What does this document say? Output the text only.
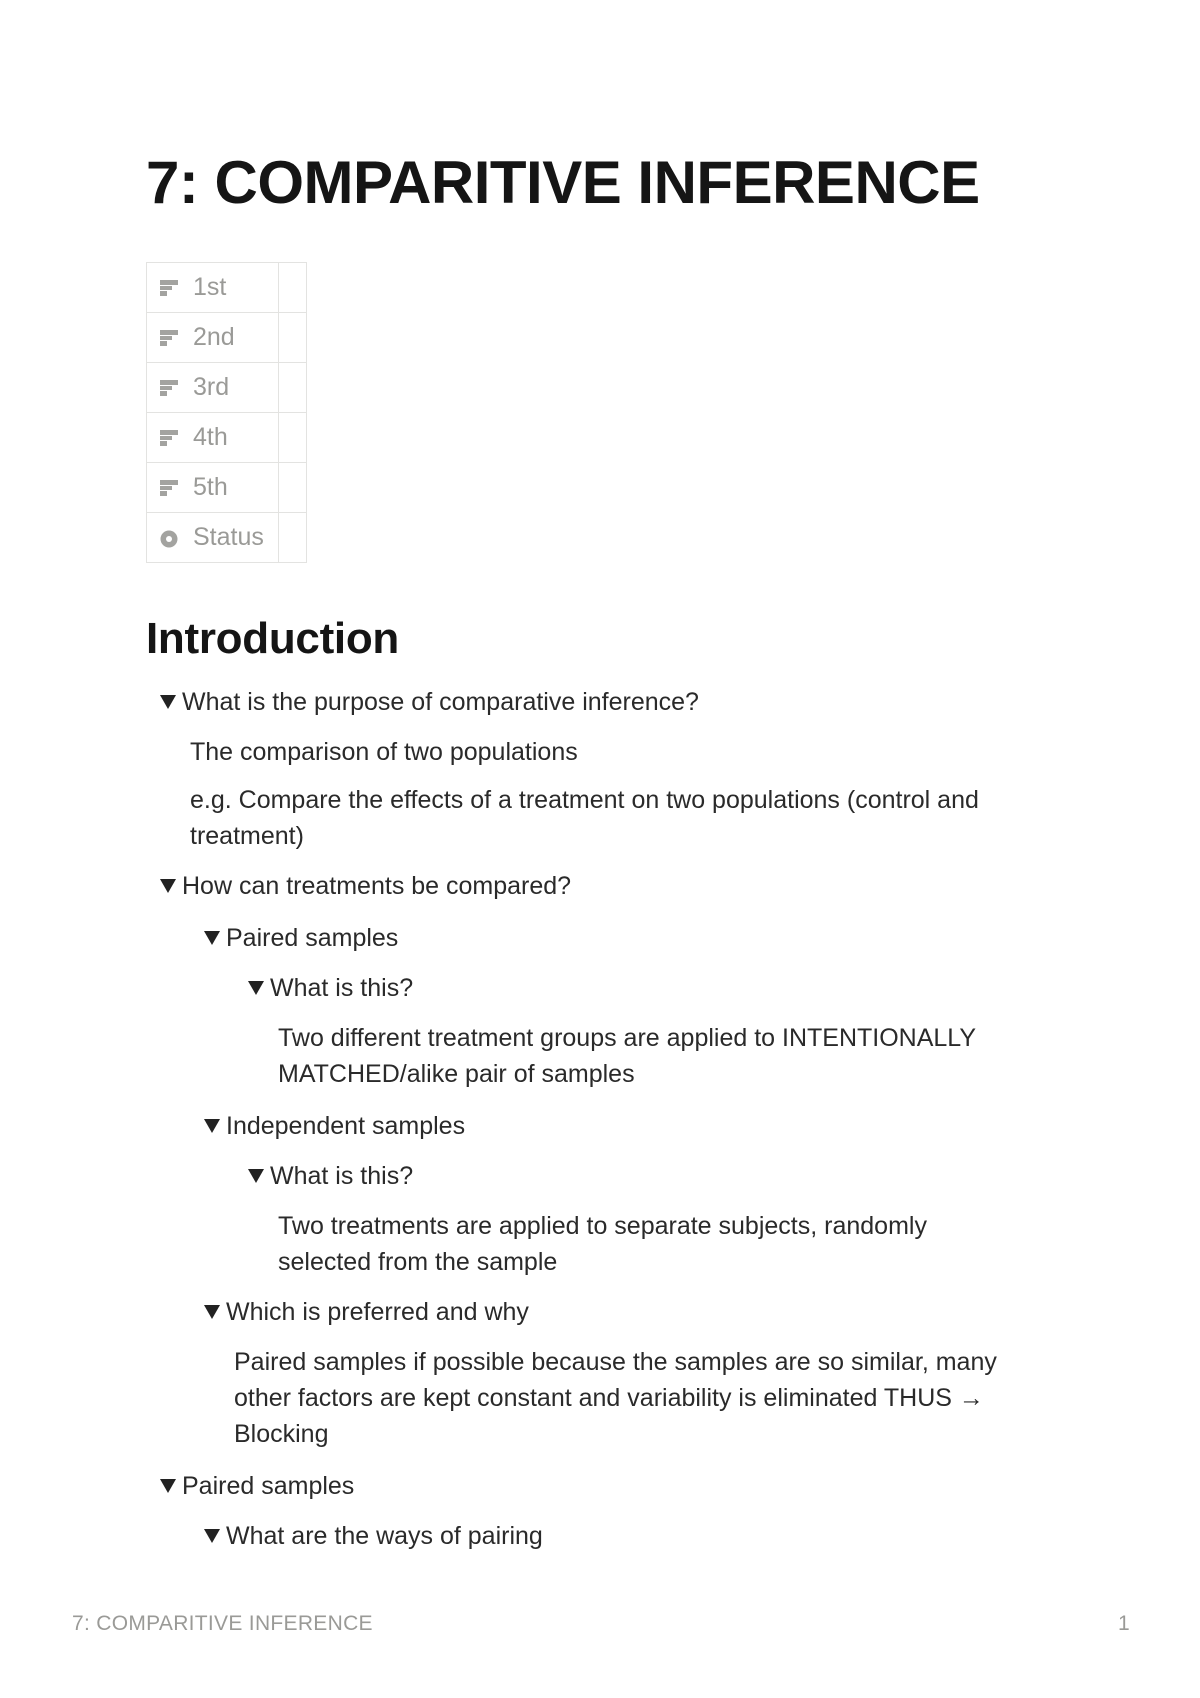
7: COMPARITIVE INFERENCE
1st	

2nd	

3rd	

4th	

5th	

Status	

Introduction
What is the purpose of comparative inference?
The comparison of two populations
e.g. Compare the effects of a treatment on two populations (control and
treatment)
How can treatments be compared?
Paired samples
What is this?
Two different treatment groups are applied to INTENTIONALLY
MATCHED/alike pair of samples
Independent samples
What is this?
Two treatments are applied to separate subjects, randomly
selected from the sample
Which is preferred and why
Paired samples if possible because the samples are so similar, many
other factors are kept constant and variability is eliminated THUS →
Blocking
Paired samples
What are the ways of pairing
7: COMPARITIVE INFERENCE	1
